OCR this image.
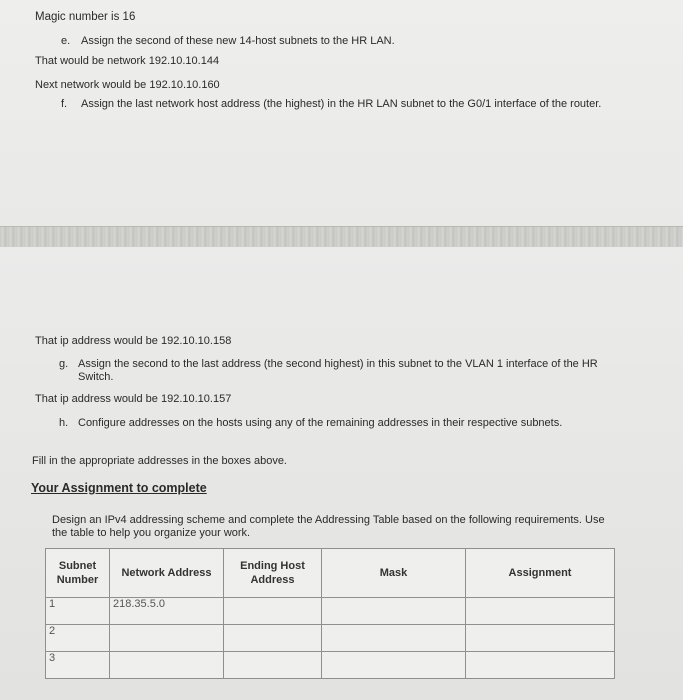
Magic number is 16
e. Assign the second of these new 14-host subnets to the HR LAN.
That would be network 192.10.10.144
Next network would be 192.10.10.160
f. Assign the last network host address (the highest) in the HR LAN subnet to the G0/1 interface of the router.
That ip address would be 192.10.10.158
g. Assign the second to the last address (the second highest) in this subnet to the VLAN 1 interface of the HR Switch.
That ip address would be 192.10.10.157
h. Configure addresses on the hosts using any of the remaining addresses in their respective subnets.
Fill in the appropriate addresses in the boxes above.
Your Assignment to complete
Design an IPv4 addressing scheme and complete the Addressing Table based on the following requirements. Use the table to help you organize your work.
Subnet Number	Network Address	Ending Host Address	Mask	Assignment
1	218.35.5.0			
2				
3				
